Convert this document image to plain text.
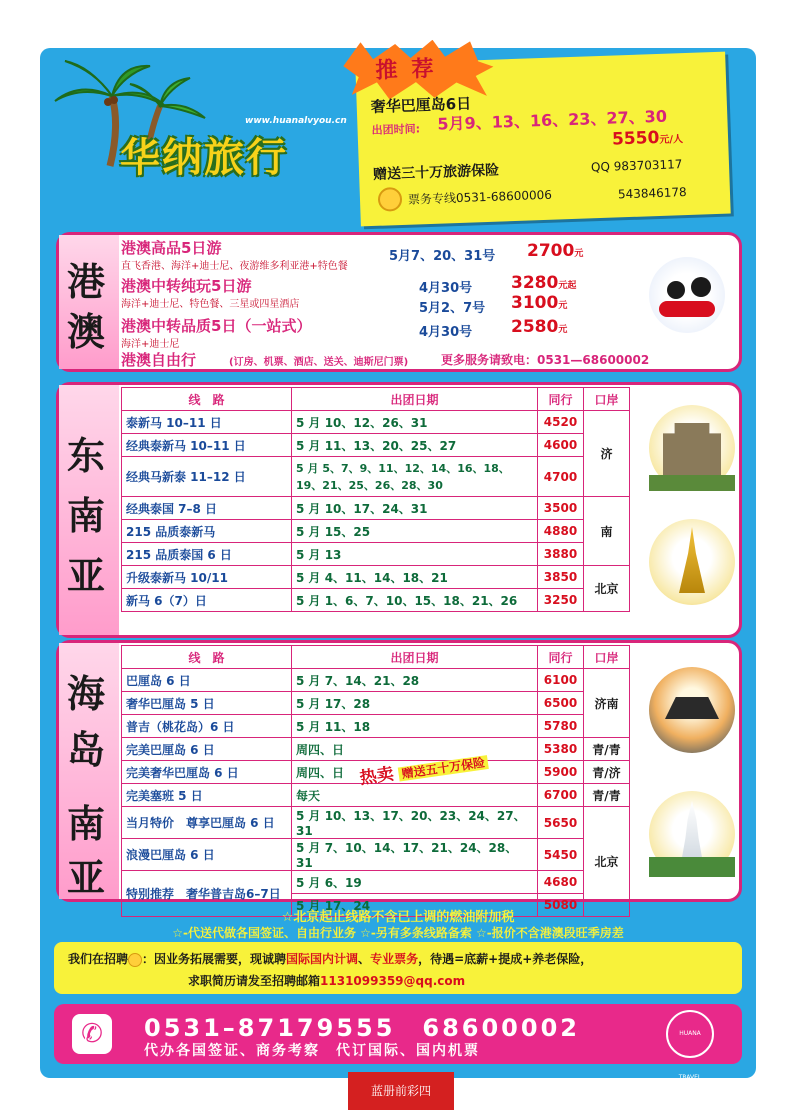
www.huanalvyou.cn
华纳旅行
推荐
奢华巴厘岛6日
出团时间: 5月9、13、16、23、27、30
5550元/人
赠送三十万旅游保险
票务专线0531-68600006
QQ 983703117
543846178
港
澳
港澳高品5日游
直飞香港、海洋+迪士尼、夜游维多利亚港+特色餐
5月7、20、31号 2700元
港澳中转纯玩5日游
海洋+迪士尼、特色餐、三星或四星酒店
4月30号 3280元起
5月2、7号 3100元
港澳中转品质5日（一站式）
海洋+迪士尼
4月30号 2580元
港澳自由行	(订房、机票、酒店、送关、迪斯尼门票)	更多服务请致电：0531—68600002
东
南
亚
线　路	出团日期	同行	口岸
泰新马 10–11 日	5 月 10、12、26、31	4520	济
经典泰新马 10–11 日	5 月 11、13、20、25、27	4600	
经典马新泰 11–12 日	5 月 5、7、9、11、12、14、16、18、19、21、25、26、28、30	4700	
经典泰国 7–8 日	5 月 10、17、24、31	3500	南
215 品质泰新马	5 月 15、25	4880	
215 品质泰国 6 日	5 月 13	3880	
升级泰新马 10/11	5 月 4、11、14、18、21	3850	北京
新马 6（7）日	5 月 1、6、7、10、15、18、21、26	3250	
海
岛
南
亚
线　路	出团日期	同行	口岸
巴厘岛 6 日	5 月 7、14、21、28	6100	济南
奢华巴厘岛 5 日	5 月 17、28	6500	
普吉（桃花岛）6 日	5 月 11、18	5780	
完美巴厘岛 6 日	周四、日	5380	青/青
完美奢华巴厘岛 6 日	周四、日	5900	青/济
完美塞班 5 日	每天	6700	青/青
当月特价　尊享巴厘岛 6 日	5 月 10、13、17、20、23、24、27、31	5650	北京
浪漫巴厘岛 6 日	5 月 7、10、14、17、21、24、28、31	5450	
特别推荐　奢华普吉岛6–7日	5 月 6、19	4680	
	5 月 17、24	5080	
热卖 赠送五十万保险
☆北京起止线路不含已上调的燃油附加税
☆-代送代做各国签证、自由行业务 ☆-另有多条线路备索 ☆-报价不含港澳段旺季房差
我们在招聘 ：因业务拓展需要，现诚聘国际国内计调、专业票务，待遇=底薪+提成+养老保险，
求职简历请发至招聘邮箱1131099359@qq.com
✆	0531–87179555　68600002
代办各国签证、商务考察　代订国际、国内机票
HUANA TRAVEL
蓝册前彩四
